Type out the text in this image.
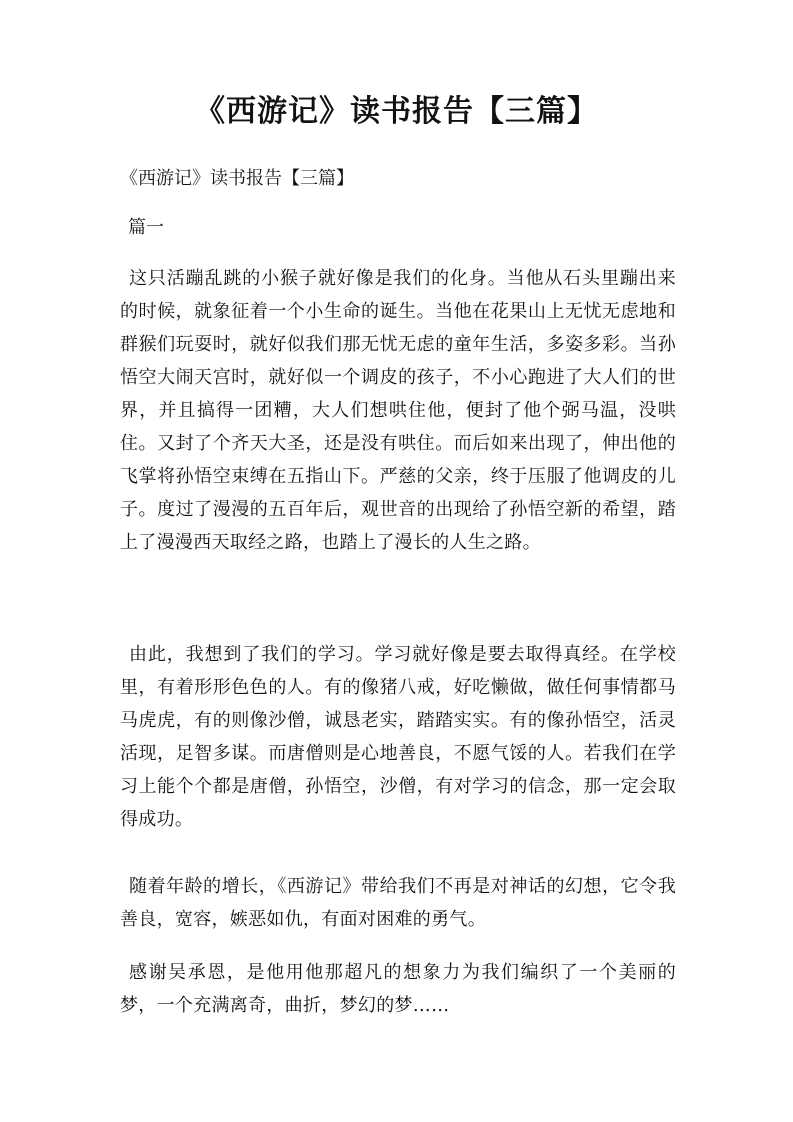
《西游记》读书报告【三篇】

《西游记》读书报告【三篇】

篇一

这只活蹦乱跳的小猴子就好像是我们的化身。当他从石头里蹦出来的时候，就象征着一个小生命的诞生。当他在花果山上无忧无虑地和群猴们玩耍时，就好似我们那无忧无虑的童年生活，多姿多彩。当孙悟空大闹天宫时，就好似一个调皮的孩子，不小心跑进了大人们的世界，并且搞得一团糟，大人们想哄住他，便封了他个弼马温，没哄住。又封了个齐天大圣，还是没有哄住。而后如来出现了，伸出他的飞掌将孙悟空束缚在五指山下。严慈的父亲，终于压服了他调皮的儿子。度过了漫漫的五百年后，观世音的出现给了孙悟空新的希望，踏上了漫漫西天取经之路，也踏上了漫长的人生之路。

由此，我想到了我们的学习。学习就好像是要去取得真经。在学校里，有着形形色色的人。有的像猪八戒，好吃懒做，做任何事情都马马虎虎，有的则像沙僧，诚恳老实，踏踏实实。有的像孙悟空，活灵活现，足智多谋。而唐僧则是心地善良，不愿气馁的人。若我们在学习上能个个都是唐僧，孙悟空，沙僧，有对学习的信念，那一定会取得成功。

随着年龄的增长，《西游记》带给我们不再是对神话的幻想，它令我善良，宽容，嫉恶如仇，有面对困难的勇气。

感谢吴承恩，是他用他那超凡的想象力为我们编织了一个美丽的梦，一个充满离奇，曲折，梦幻的梦……
